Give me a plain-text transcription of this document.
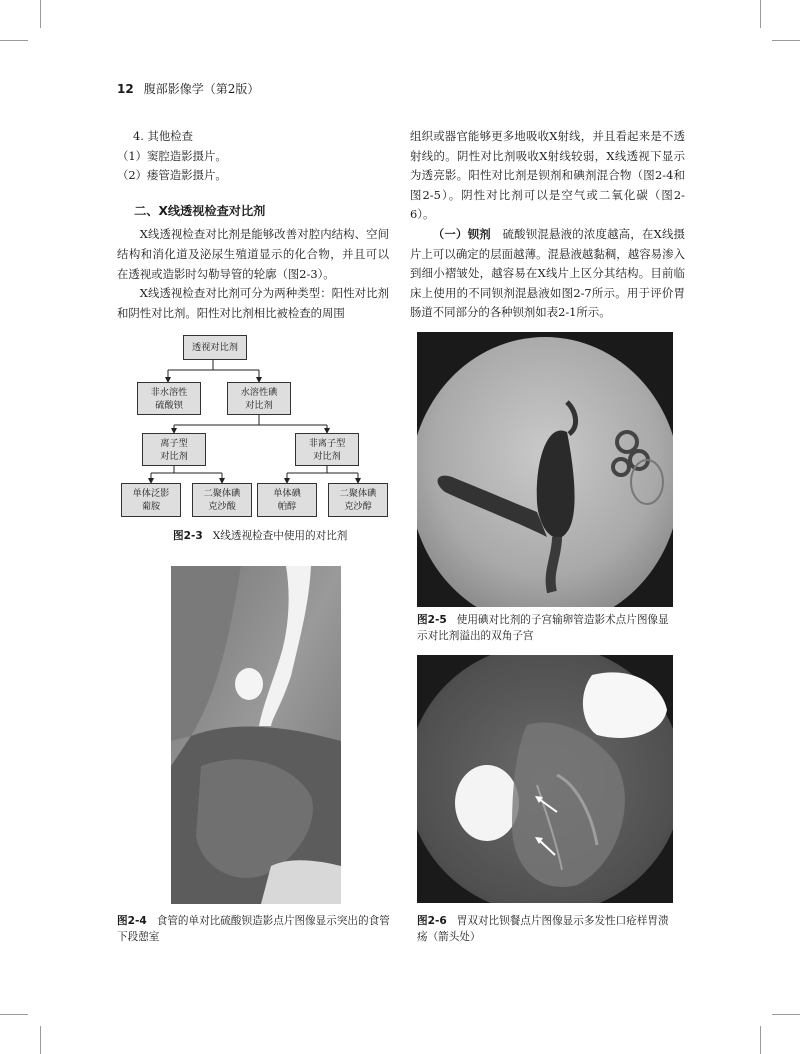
12 腹部影像学（第2版）

4. 其他检查

（1）窦腔造影摄片。

（2）瘘管造影摄片。

二、X线透视检查对比剂

X线透视检查对比剂是能够改善对腔内结构、空间结构和消化道及泌尿生殖道显示的化合物，并且可以在透视或造影时勾勒导管的轮廓（图2-3）。

X线透视检查对比剂可分为两种类型：阳性对比剂和阴性对比剂。阳性对比剂相比被检查的周围

组织或器官能够更多地吸收X射线，并且看起来是不透射线的。阴性对比剂吸收X射线较弱，X线透视下显示为透亮影。阳性对比剂是钡剂和碘剂混合物（图2-4和图2-5）。阴性对比剂可以是空气或二氧化碳（图2-6）。

（一）钡剂　 硫酸钡混悬液的浓度越高，在X线摄片上可以确定的层面越薄。混悬液越黏稠，越容易渗入到细小褶皱处，越容易在X线片上区分其结构。目前临床上使用的不同钡剂混悬液如图2-7所示。用于评价胃肠道不同部分的各种钡剂如表2-1所示。

透视对比剂
非水溶性
硫酸钡
水溶性碘
对比剂
离子型
对比剂
非离子型
对比剂
单体泛影
葡胺
二聚体碘
克沙酸
单体碘
帕醇
二聚体碘
克沙醇
图2-3 X线透视检查中使用的对比剂
图2-5 使用碘对比剂的子宫输卵管造影术点片图像显示对比剂溢出的双角子宫
图2-4 食管的单对比硫酸钡造影点片图像显示突出的食管下段憩室
图2-6 胃双对比钡餐点片图像显示多发性口疮样胃溃疡（箭头处）
